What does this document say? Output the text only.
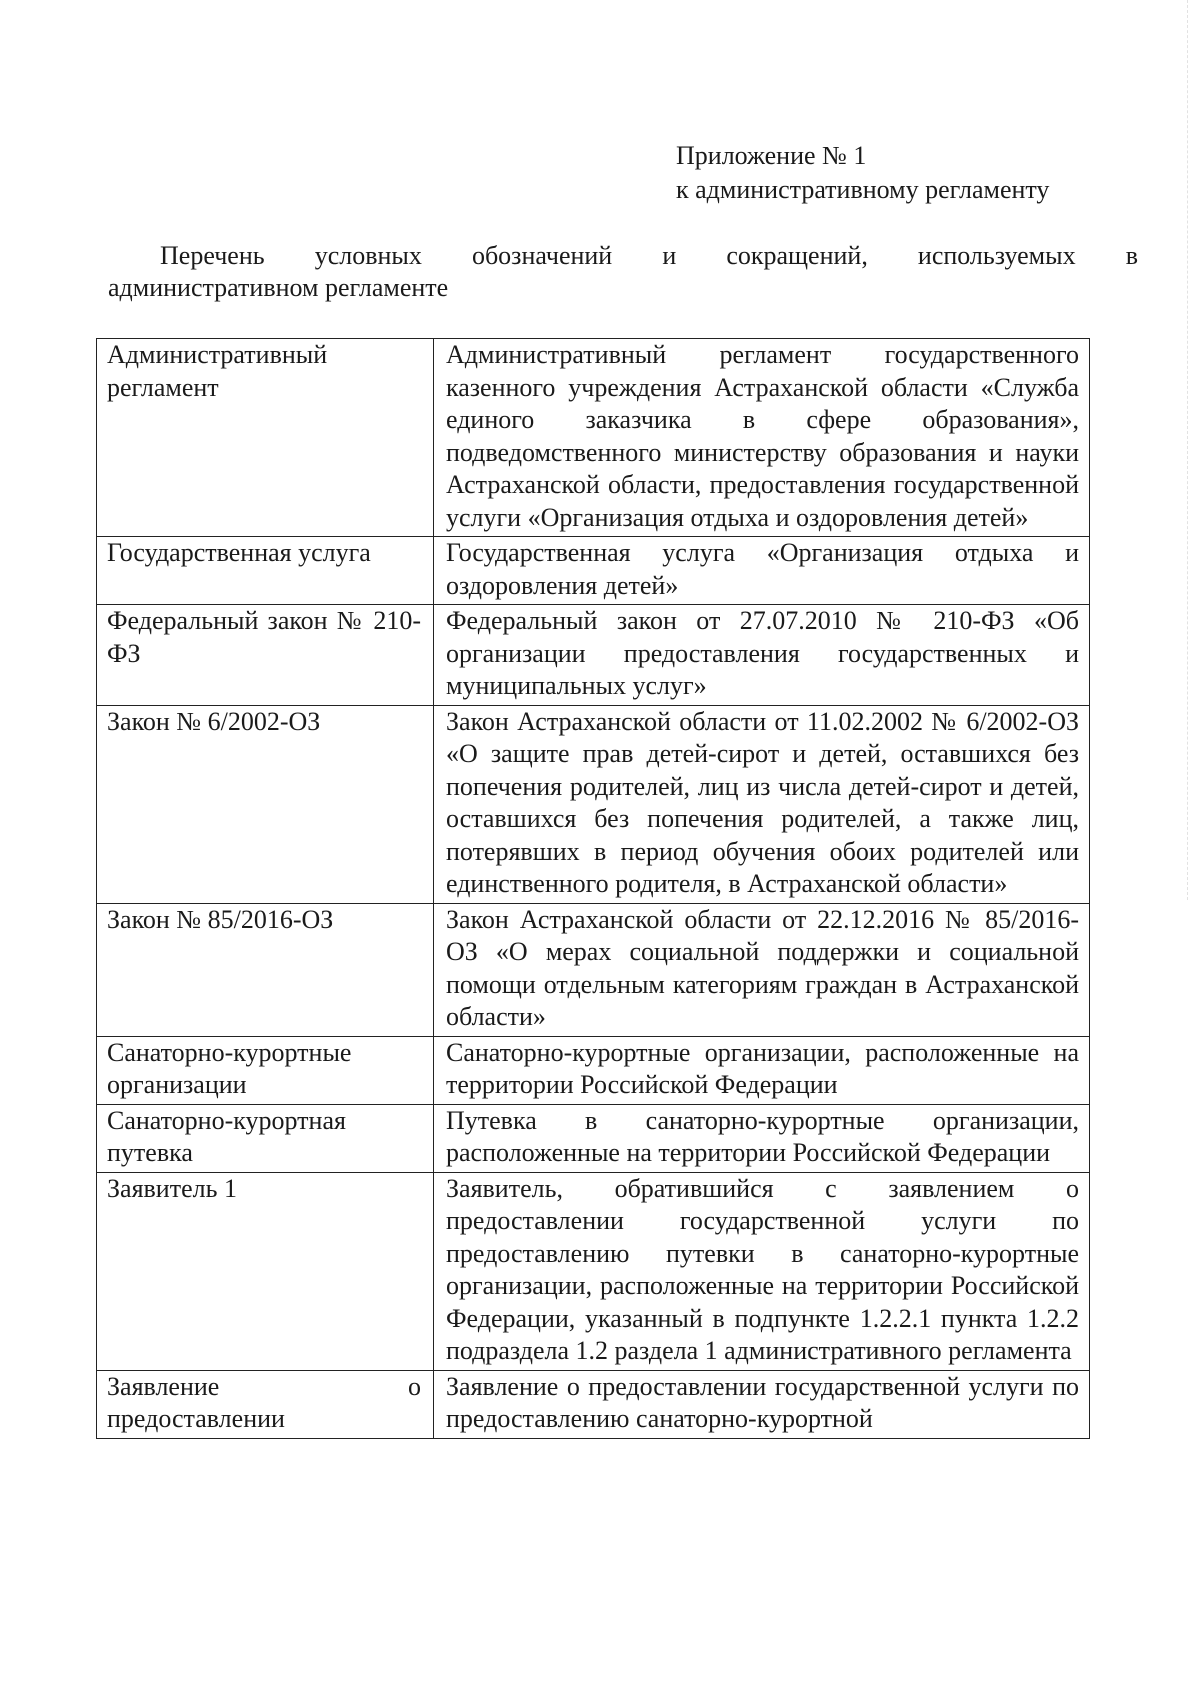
Приложение № 1
к административному регламенту
Перечень условных обозначений и сокращений, используемых в
административном регламенте
Административный регламент	Административный регламент государственного казенного учреждения Астраханской области «Служба единого заказчика в сфере образования», подведомственного министерству образования и науки Астраханской области, предоставления государственной услуги «Организация отдыха и оздоровления детей»
Государственная услуга	Государственная услуга «Организация отдыха и оздоровления детей»
Федеральный закон № 210-ФЗ	Федеральный закон от 27.07.2010 № 210-ФЗ «Об организации предоставления государственных и муниципальных услуг»
Закон № 6/2002-ОЗ	Закон Астраханской области от 11.02.2002 № 6/2002-ОЗ «О защите прав детей-сирот и детей, оставшихся без попечения родителей, лиц из числа детей-сирот и детей, оставшихся без попечения родителей, а также лиц, потерявших в период обучения обоих родителей или единственного родителя, в Астраханской области»
Закон № 85/2016-ОЗ	Закон Астраханской области от 22.12.2016 № 85/2016-ОЗ «О мерах социальной поддержки и социальной помощи отдельным категориям граждан в Астраханской области»
Санаторно-курортные организации	Санаторно-курортные организации, расположенные на территории Российской Федерации
Санаторно-курортная путевка	Путевка в санаторно-курортные организации, расположенные на территории Российской Федерации
Заявитель 1	Заявитель, обратившийся с заявлением о предоставлении государственной услуги по предоставлению путевки в санаторно-курортные организации, расположенные на территории Российской Федерации, указанный в подпункте 1.2.2.1 пункта 1.2.2 подраздела 1.2 раздела 1 административного регламента
Заявление о предоставлении	Заявление о предоставлении государственной услуги по предоставлению санаторно-курортной
